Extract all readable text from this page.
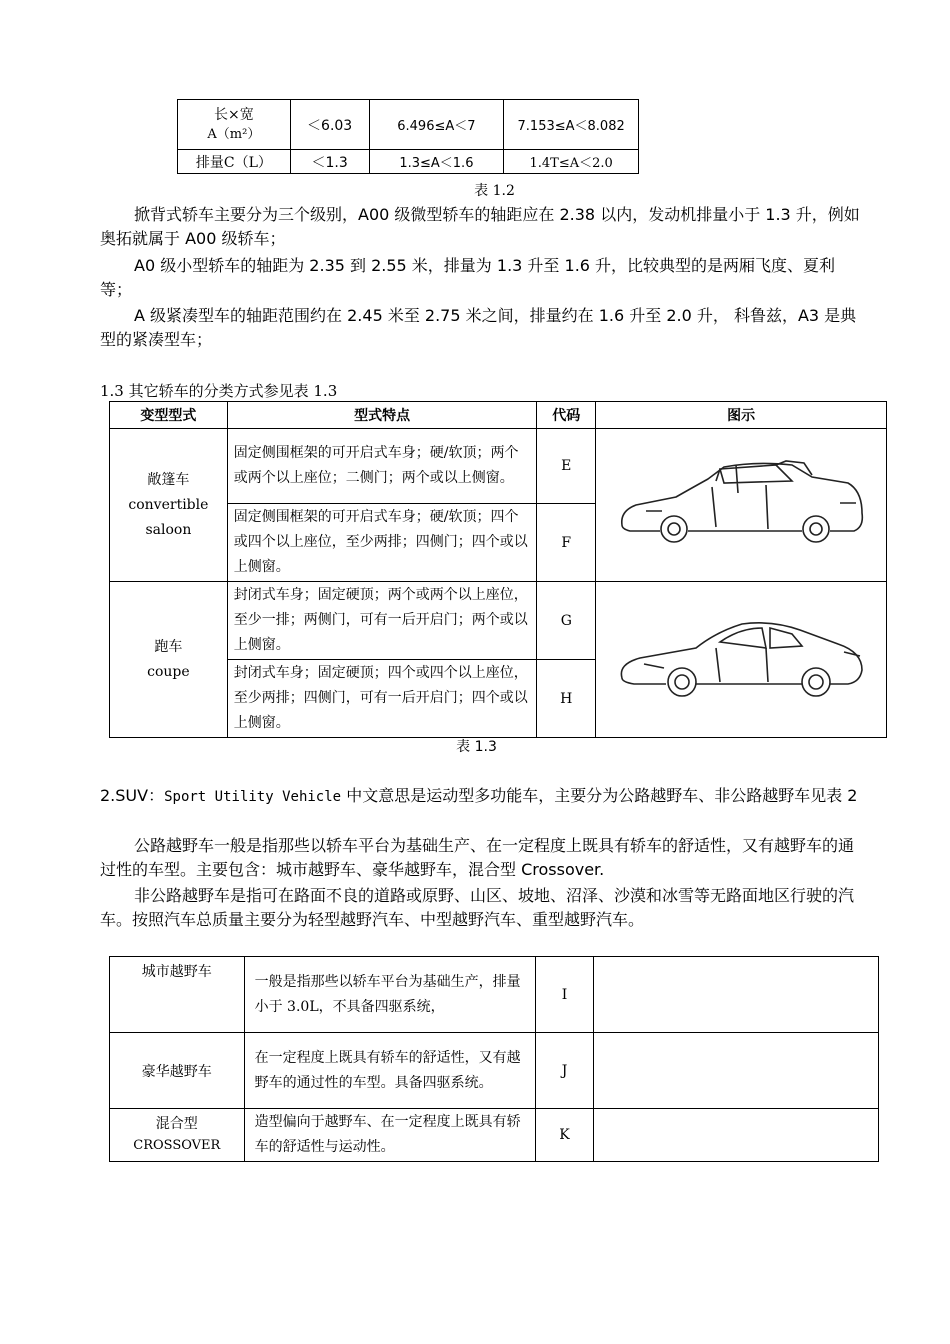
长×宽
A（m²）	＜6.03	6.496≤A＜7	7.153≤A＜8.082
排量C（L）	＜1.3	1.3≤A＜1.6	1.4T≤A＜2.0
表 1.2
掀背式轿车主要分为三个级别，A00 级微型轿车的轴距应在 2.38 以内，发动机排量小于 1.3 升，例如奥拓就属于 A00 级轿车；
A0 级小型轿车的轴距为 2.35 到 2.55 米，排量为 1.3 升至 1.6 升，比较典型的是两厢飞度、夏利等；
A 级紧凑型车的轴距范围约在 2.45 米至 2.75 米之间，排量约在 1.6 升至 2.0 升， 科鲁兹，A3 是典型的紧凑型车；
1.3 其它轿车的分类方式参见表 1.3
变型型式	型式特点	代码	图示

敞篷车
convertible
saloon	固定侧围框架的可开启式车身；硬/软顶；两个或两个以上座位；二侧门；两个或以上侧窗。	E	
	固定侧围框架的可开启式车身；硬/软顶；四个或四个以上座位，至少两排；四侧门；四个或以上侧窗。	F	

跑车
coupe	封闭式车身；固定硬顶；两个或两个以上座位，至少一排；两侧门，可有一后开启门；两个或以上侧窗。	G	
	封闭式车身；固定硬顶；四个或四个以上座位，至少两排；四侧门，可有一后开启门；四个或以上侧窗。	H	
表 1.3
2.SUV：Sport Utility Vehicle 中文意思是运动型多功能车，主要分为公路越野车、非公路越野车见表 2
公路越野车一般是指那些以轿车平台为基础生产、在一定程度上既具有轿车的舒适性，又有越野车的通过性的车型。主要包含：城市越野车、豪华越野车，混合型 Crossover.
非公路越野车是指可在路面不良的道路或原野、山区、坡地、沼泽、沙漠和冰雪等无路面地区行驶的汽车。按照汽车总质量主要分为轻型越野汽车、中型越野汽车、重型越野汽车。
城市越野车	一般是指那些以轿车平台为基础生产，排量小于 3.0L，不具备四驱系统，	I	
豪华越野车	在一定程度上既具有轿车的舒适性，又有越野车的通过性的车型。具备四驱系统。	J	

混合型
CROSSOVER	造型偏向于越野车、在一定程度上既具有轿车的舒适性与运动性。	K	
